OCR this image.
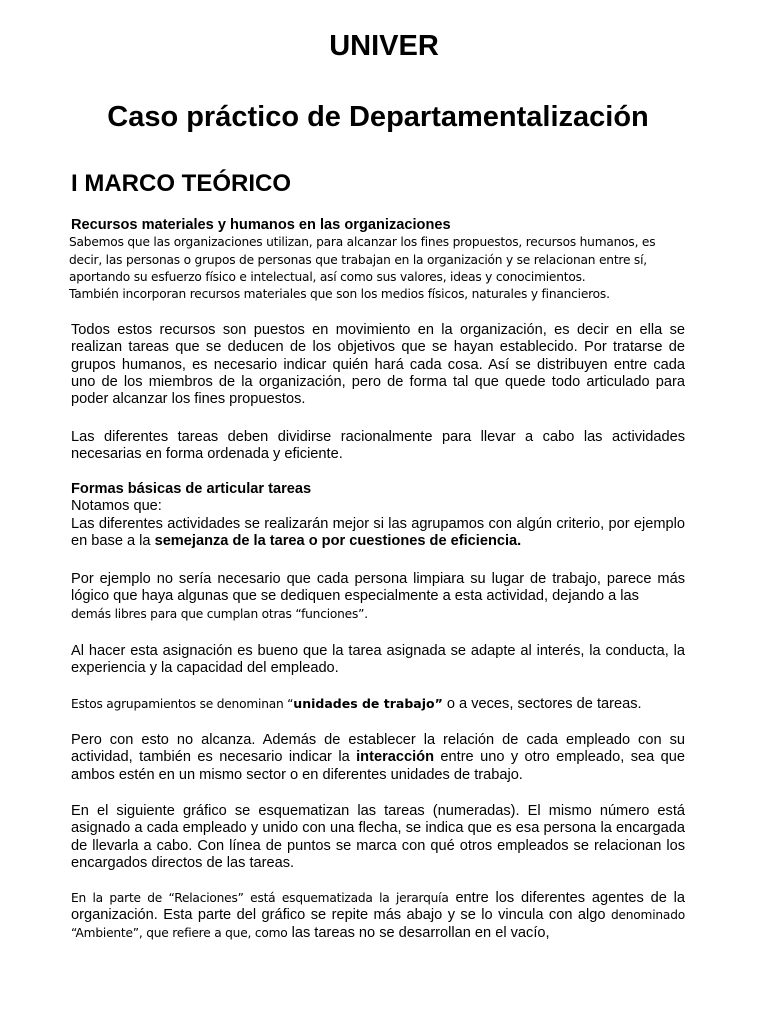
UNIVER
Caso práctico de Departamentalización
I MARCO TEÓRICO
Recursos materiales y humanos en las organizaciones
Sabemos que las organizaciones utilizan, para alcanzar los fines propuestos, recursos humanos, es
decir, las personas o grupos de personas que trabajan en la organización y se relacionan entre sí,
aportando su esfuerzo físico e intelectual, así como sus valores, ideas y conocimientos.
También incorporan recursos materiales que son los medios físicos, naturales y financieros.

Todos estos recursos son puestos en movimiento en la organización, es decir en ella se realizan tareas que se deducen de los objetivos que se hayan establecido. Por tratarse de grupos humanos, es necesario indicar quién hará cada cosa. Así se distribuyen entre cada uno de los miembros de la organización, pero de forma tal que quede todo articulado para poder alcanzar los fines propuestos.

Las diferentes tareas deben dividirse racionalmente para llevar a cabo las actividades necesarias en forma ordenada y eficiente.

Formas básicas de articular tareas

Notamos que:

Las diferentes actividades se realizarán mejor si las agrupamos con algún criterio, por ejemplo en base a la semejanza de la tarea o por cuestiones de eficiencia.

Por ejemplo no sería necesario que cada persona limpiara su lugar de trabajo, parece más lógico que haya algunas que se dediquen especialmente a esta actividad, dejando a las

demás libres para que cumplan otras “funciones”.

Al hacer esta asignación es bueno que la tarea asignada se adapte al interés, la conducta, la experiencia y la capacidad del empleado.

Estos agrupamientos se denominan “unidades de trabajo” o a veces, sectores de tareas.

Pero con esto no alcanza. Además de establecer la relación de cada empleado con su actividad, también es necesario indicar la interacción entre uno y otro empleado, sea que ambos estén en un mismo sector o en diferentes unidades de trabajo.

En el siguiente gráfico se esquematizan las tareas (numeradas). El mismo número está asignado a cada empleado y unido con una flecha, se indica que es esa persona la encargada de llevarla a cabo. Con línea de puntos se marca con qué otros empleados se relacionan los encargados directos de las tareas.

En la parte de “Relaciones” está esquematizada la jerarquía entre los diferentes agentes de la organización. Esta parte del gráfico se repite más abajo y se lo vincula con algo denominado “Ambiente”, que refiere a que, como las tareas no se desarrollan en el vacío,
